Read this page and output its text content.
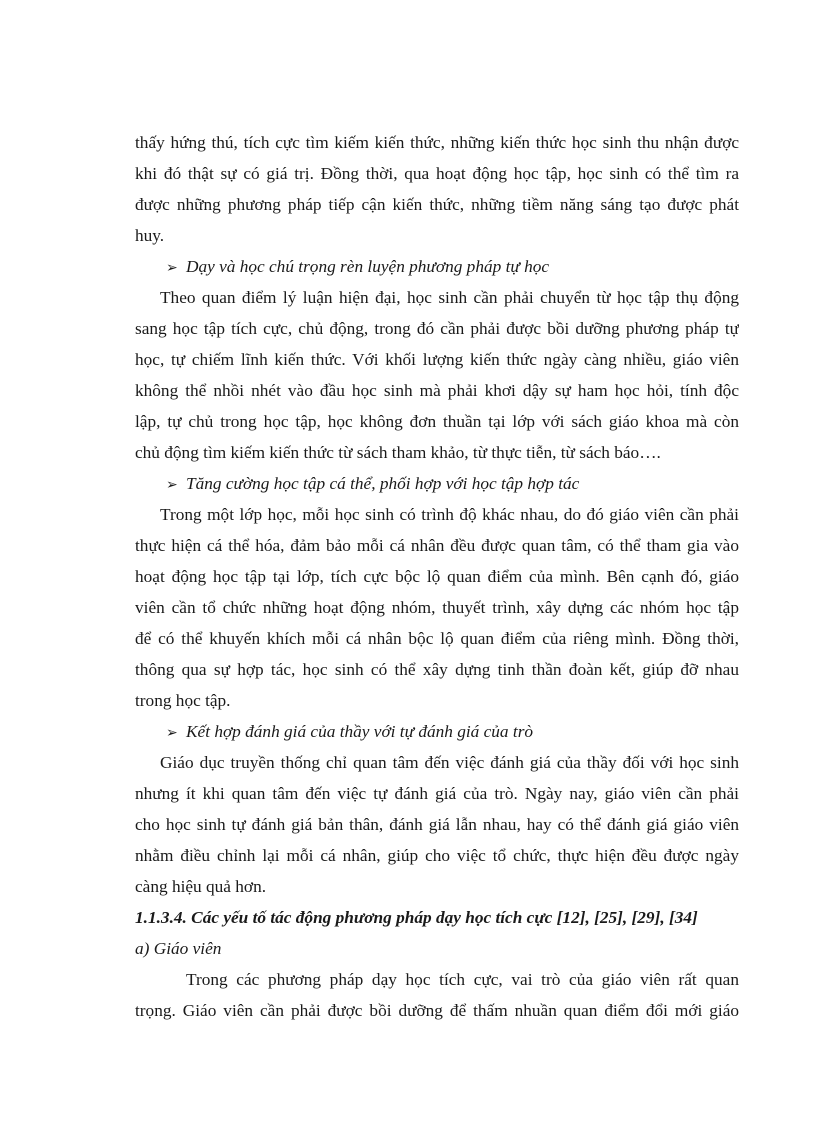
thấy hứng thú, tích cực tìm kiếm kiến thức, những kiến thức học sinh thu nhận được
khi đó thật sự có giá trị. Đồng thời, qua hoạt động học tập, học sinh có thể tìm ra
được những phương pháp tiếp cận kiến thức, những tiềm năng sáng tạo được phát
huy.
➢ Dạy và học chú trọng rèn luyện phương pháp tự học
Theo quan điểm lý luận hiện đại, học sinh cần phải chuyển từ học tập thụ động
sang học tập tích cực, chủ động, trong đó cần phải được bồi dưỡng phương pháp tự
học, tự chiếm lĩnh kiến thức. Với khối lượng kiến thức ngày càng nhiều, giáo viên
không thể nhồi nhét vào đầu học sinh mà phải khơi dậy sự ham học hỏi, tính độc
lập, tự chủ trong học tập, học không đơn thuần tại lớp với sách giáo khoa mà còn
chủ động tìm kiếm kiến thức từ sách tham khảo, từ thực tiễn, từ sách báo….
➢ Tăng cường học tập cá thể, phối hợp với học tập hợp tác
Trong một lớp học, mỗi học sinh có trình độ khác nhau, do đó giáo viên cần phải
thực hiện cá thể hóa, đảm bảo mỗi cá nhân đều được quan tâm, có thể tham gia vào
hoạt động học tập tại lớp, tích cực bộc lộ quan điểm của mình. Bên cạnh đó, giáo
viên cần tổ chức những hoạt động nhóm, thuyết trình, xây dựng các nhóm học tập
để có thể khuyến khích mỗi cá nhân bộc lộ quan điểm của riêng mình. Đồng thời,
thông qua sự hợp tác, học sinh có thể xây dựng tinh thần đoàn kết, giúp đỡ nhau
trong học tập.
➢ Kết hợp đánh giá của thầy với tự đánh giá của trò
Giáo dục truyền thống chỉ quan tâm đến việc đánh giá của thầy đối với học sinh
nhưng ít khi quan tâm đến việc tự đánh giá của trò. Ngày nay, giáo viên cần phải
cho học sinh tự đánh giá bản thân, đánh giá lẫn nhau, hay có thể đánh giá giáo viên
nhằm điều chỉnh lại mỗi cá nhân, giúp cho việc tổ chức, thực hiện đều được ngày
càng hiệu quả hơn.
1.1.3.4. Các yếu tố tác động phương pháp dạy học tích cực [12], [25], [29], [34]
a) Giáo viên
Trong các phương pháp dạy học tích cực, vai trò của giáo viên rất quan
trọng. Giáo viên cần phải được bồi dưỡng để thấm nhuần quan điểm đổi mới giáo
